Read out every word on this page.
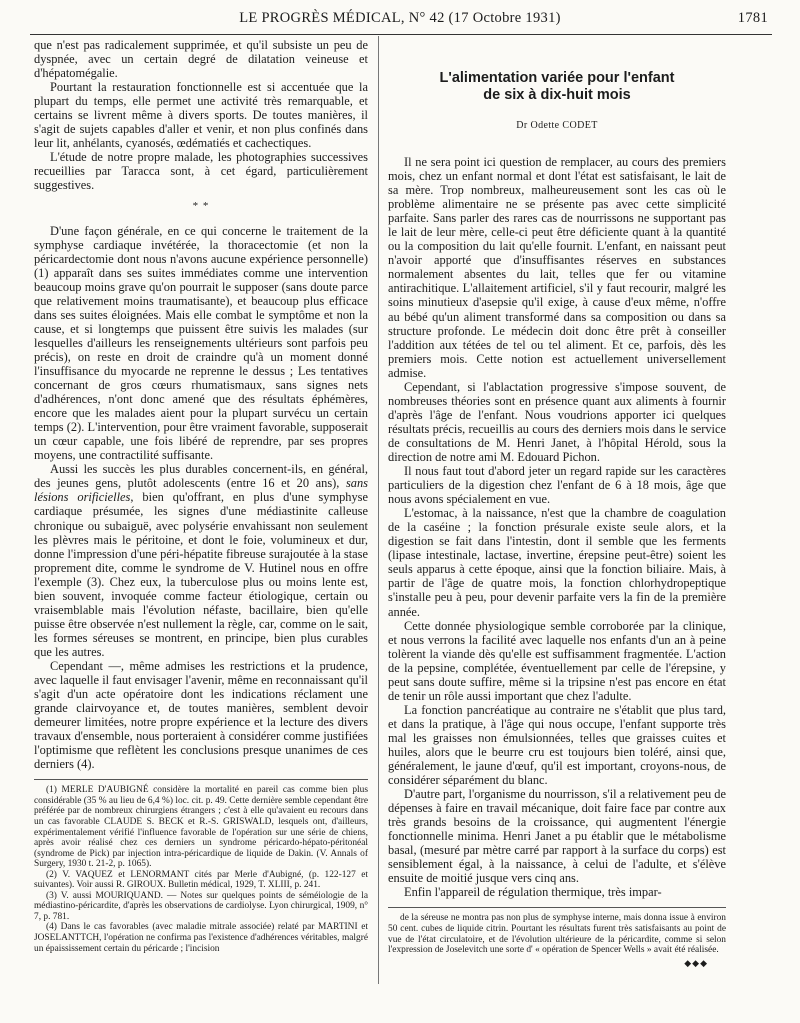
LE PROGRÈS MÉDICAL, N° 42 (17 Octobre 1931)	1781

que n'est pas radicalement supprimée, et qu'il subsiste un peu de dyspnée, avec un certain degré de dilatation veineuse et d'hépatomégalie.

Pourtant la restauration fonctionnelle est si accentuée que la plupart du temps, elle permet une activité très remarquable, et certains se livrent même à divers sports. De toutes manières, il s'agit de sujets capables d'aller et venir, et non plus confinés dans leur lit, anhélants, cyanosés, œdématiés et cachectiques.

L'étude de notre propre malade, les photographies successives recueillies par Taracca sont, à cet égard, particulièrement suggestives.

* *

D'une façon générale, en ce qui concerne le traitement de la symphyse cardiaque invétérée, la thoracectomie (et non la péricardectomie dont nous n'avons aucune expérience personnelle) (1) apparaît dans ses suites immédiates comme une intervention beaucoup moins grave qu'on pourrait le supposer (sans doute parce que relativement moins traumatisante), et beaucoup plus efficace dans ses suites éloignées. Mais elle combat le symptôme et non la cause, et si longtemps que puissent être suivis les malades (sur lesquelles d'ailleurs les renseignements ultérieurs sont parfois peu précis), on reste en droit de craindre qu'à un moment donné l'insuffisance du myocarde ne reprenne le dessus ; Les tentatives concernant de gros cœurs rhumatismaux, sans signes nets d'adhérences, n'ont donc amené que des résultats éphémères, encore que les malades aient pour la plupart survécu un certain temps (2). L'intervention, pour être vraiment favorable, supposerait un cœur capable, une fois libéré de reprendre, par ses propres moyens, une contractilité suffisante.

Aussi les succès les plus durables concernent-ils, en général, des jeunes gens, plutôt adolescents (entre 16 et 20 ans), sans lésions orificielles, bien qu'offrant, en plus d'une symphyse cardiaque présumée, les signes d'une médiastinite calleuse chronique ou subaiguë, avec polysérie envahissant non seulement les plèvres mais le péritoine, et dont le foie, volumineux et dur, donne l'impression d'une péri-hépatite fibreuse surajoutée à la stase proprement dite, comme le syndrome de V. Hutinel nous en offre l'exemple (3). Chez eux, la tuberculose plus ou moins lente est, bien souvent, invoquée comme facteur étiologique, certain ou vraisemblable mais l'évolution néfaste, bacillaire, bien qu'elle puisse être observée n'est nullement la règle, car, comme on le sait, les formes séreuses se montrent, en principe, bien plus curables que les autres.

Cependant —, même admises les restrictions et la prudence, avec laquelle il faut envisager l'avenir, même en reconnaissant qu'il s'agit d'un acte opératoire dont les indications réclament une grande clairvoyance et, de toutes manières, semblent devoir demeurer limitées, notre propre expérience et la lecture des divers travaux d'ensemble, nous porteraient à considérer comme justifiées l'optimisme que reflètent les conclusions presque unanimes de ces derniers (4).

(1) MERLE D'AUBIGNÉ considère la mortalité en pareil cas comme bien plus considérable (35 % au lieu de 6,4 %) loc. cit. p. 49. Cette dernière semble cependant être préférée par de nombreux chirurgiens étrangers ; c'est à elle qu'avaient eu recours dans un cas favorable CLAUDE S. BECK et R.-S. GRISWALD, lesquels ont, d'ailleurs, expérimentalement vérifié l'influence favorable de l'opération sur une série de chiens, après avoir réalisé chez ces derniers un syndrome péricardo-hépato-péritonéal (syndrome de Pick) par injection intra-péricardique de liquide de Dakin. (V. Annals of Surgery, 1930 t. 21-2, p. 1065).

(2) V. VAQUEZ et LENORMANT cités par Merle d'Aubigné, (p. 122-127 et suivantes). Voir aussi R. GIROUX. Bulletin médical, 1929, T. XLIII, p. 241.

(3) V. aussi MOURIQUAND. — Notes sur quelques points de séméiologie de la médiastino-péricardite, d'après les observations de cardiolyse. Lyon chirurgical, 1909, n° 7, p. 781.

(4) Dans le cas favorables (avec maladie mitrale associée) relaté par MARTINI et JOSELANTTCH, l'opération ne confirma pas l'existence d'adhérences véritables, malgré un épaississement certain du péricarde ; l'incision

L'alimentation variée pour l'enfant
de six à dix-huit mois
Dr Odette CODET

Il ne sera point ici question de remplacer, au cours des premiers mois, chez un enfant normal et dont l'état est satisfaisant, le lait de sa mère. Trop nombreux, malheureusement sont les cas où le problème alimentaire ne se présente pas avec cette simplicité parfaite. Sans parler des rares cas de nourrissons ne supportant pas le lait de leur mère, celle-ci peut être déficiente quant à la quantité ou la composition du lait qu'elle fournit. L'enfant, en naissant peut n'avoir apporté que d'insuffisantes réserves en substances normalement absentes du lait, telles que fer ou vitamine antirachitique. L'allaitement artificiel, s'il y faut recourir, malgré les soins minutieux d'asepsie qu'il exige, à cause d'eux même, n'offre au bébé qu'un aliment transformé dans sa composition ou dans sa structure profonde. Le médecin doit donc être prêt à conseiller l'addition aux tétées de tel ou tel aliment. Et ce, parfois, dès les premiers mois. Cette notion est actuellement universellement admise.

Cependant, si l'ablactation progressive s'impose souvent, de nombreuses théories sont en présence quant aux aliments à fournir d'après l'âge de l'enfant. Nous voudrions apporter ici quelques résultats précis, recueillis au cours des derniers mois dans le service de consultations de M. Henri Janet, à l'hôpital Hérold, sous la direction de notre ami M. Edouard Pichon.

Il nous faut tout d'abord jeter un regard rapide sur les caractères particuliers de la digestion chez l'enfant de 6 à 18 mois, âge que nous avons spécialement en vue.

L'estomac, à la naissance, n'est que la chambre de coagulation de la caséine ; la fonction présurale existe seule alors, et la digestion se fait dans l'intestin, dont il semble que les ferments (lipase intestinale, lactase, invertine, érepsine peut-être) soient les seuls apparus à cette époque, ainsi que la fonction biliaire. Mais, à partir de l'âge de quatre mois, la fonction chlorhydropeptique s'installe peu à peu, pour devenir parfaite vers la fin de la première année.

Cette donnée physiologique semble corroborée par la clinique, et nous verrons la facilité avec laquelle nos enfants d'un an à peine tolèrent la viande dès qu'elle est suffisamment fragmentée. L'action de la pepsine, complétée, éventuellement par celle de l'érepsine, y peut sans doute suffire, même si la tripsine n'est pas encore en état de tenir un rôle aussi important que chez l'adulte.

La fonction pancréatique au contraire ne s'établit que plus tard, et dans la pratique, à l'âge qui nous occupe, l'enfant supporte très mal les graisses non émulsionnées, telles que graisses cuites et huiles, alors que le beurre cru est toujours bien toléré, ainsi que, généralement, le jaune d'œuf, qu'il est important, croyons-nous, de considérer séparément du blanc.

D'autre part, l'organisme du nourrisson, s'il a relativement peu de dépenses à faire en travail mécanique, doit faire face par contre aux très grands besoins de la croissance, qui augmentent l'énergie fonctionnelle minima. Henri Janet a pu établir que le métabolisme basal, (mesuré par mètre carré par rapport à la surface du corps) est sensiblement égal, à la naissance, à celui de l'adulte, et s'élève ensuite de moitié jusque vers cinq ans.

Enfin l'appareil de régulation thermique, très impar-

de la séreuse ne montra pas non plus de symphyse interne, mais donna issue à environ 50 cent. cubes de liquide citrin. Pourtant les résultats furent très satisfaisants au point de vue de l'état circulatoire, et de l'évolution ultérieure de la péricardite, comme si selon l'expression de Joselevitch une sorte d' « opération de Spencer Wells » avait été réalisée.

◆◆◆
